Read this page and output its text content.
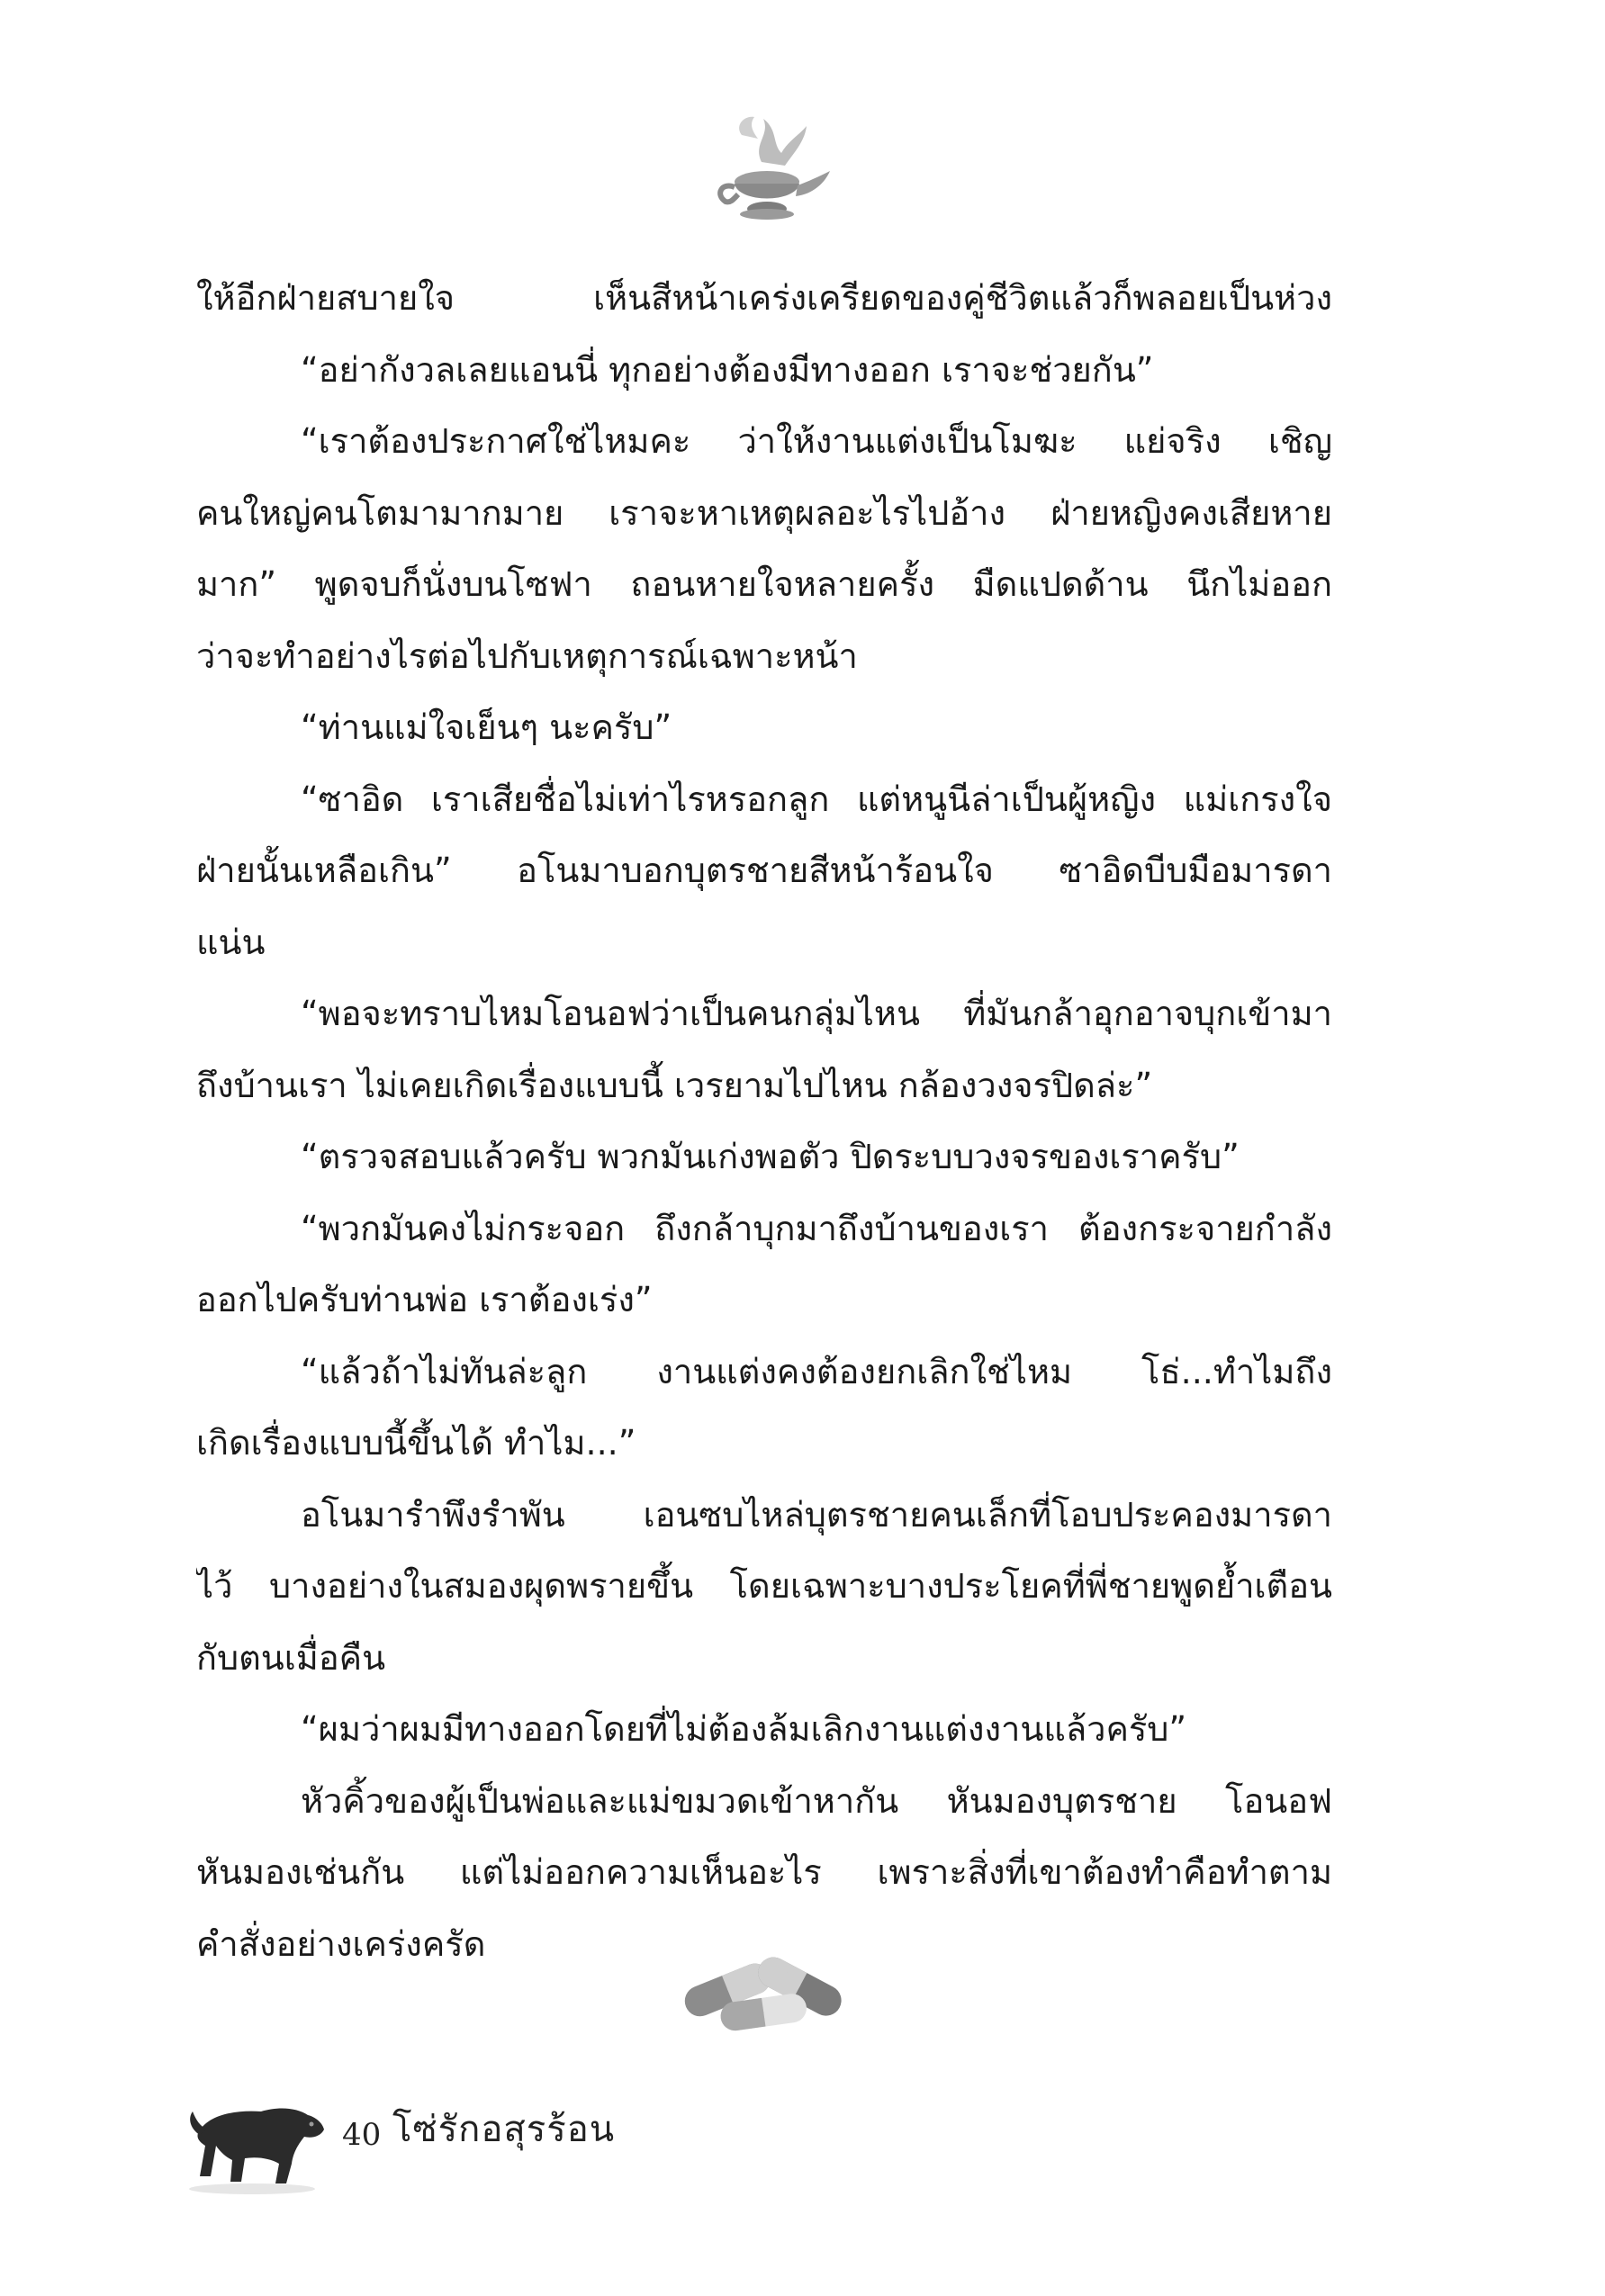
ให้อีกฝ่ายสบายใจ เห็นสีหน้าเคร่งเครียดของคู่ชีวิตแล้วก็พลอยเป็นห่วง
“อย่ากังวลเลยแอนนี่ ทุกอย่างต้องมีทางออก เราจะช่วยกัน”
“เราต้องประกาศใช่ไหมคะ ว่าให้งานแต่งเป็นโมฆะ แย่จริง เชิญ
คนใหญ่คนโตมามากมาย เราจะหาเหตุผลอะไรไปอ้าง ฝ่ายหญิงคงเสียหาย
มาก” พูดจบก็นั่งบนโซฟา ถอนหายใจหลายครั้ง มืดแปดด้าน นึกไม่ออก
ว่าจะทำอย่างไรต่อไปกับเหตุการณ์เฉพาะหน้า
“ท่านแม่ใจเย็นๆ นะครับ”
“ซาอิด เราเสียชื่อไม่เท่าไรหรอกลูก แต่หนูนีล่าเป็นผู้หญิง แม่เกรงใจ
ฝ่ายนั้นเหลือเกิน” อโนมาบอกบุตรชายสีหน้าร้อนใจ ซาอิดบีบมือมารดา
แน่น
“พอจะทราบไหมโอนอฟว่าเป็นคนกลุ่มไหน ที่มันกล้าอุกอาจบุกเข้ามา
ถึงบ้านเรา ไม่เคยเกิดเรื่องแบบนี้ เวรยามไปไหน กล้องวงจรปิดล่ะ”
“ตรวจสอบแล้วครับ พวกมันเก่งพอตัว ปิดระบบวงจรของเราครับ”
“พวกมันคงไม่กระจอก ถึงกล้าบุกมาถึงบ้านของเรา ต้องกระจายกำลัง
ออกไปครับท่านพ่อ เราต้องเร่ง”
“แล้วถ้าไม่ทันล่ะลูก งานแต่งคงต้องยกเลิกใช่ไหม โธ่...ทำไมถึง
เกิดเรื่องแบบนี้ขึ้นได้ ทำไม...”
อโนมารำพึงรำพัน เอนซบไหล่บุตรชายคนเล็กที่โอบประคองมารดา
ไว้ บางอย่างในสมองผุดพรายขึ้น โดยเฉพาะบางประโยคที่พี่ชายพูดย้ำเตือน
กับตนเมื่อคืน
“ผมว่าผมมีทางออกโดยที่ไม่ต้องล้มเลิกงานแต่งงานแล้วครับ”
หัวคิ้วของผู้เป็นพ่อและแม่ขมวดเข้าหากัน หันมองบุตรชาย โอนอฟ
หันมองเช่นกัน แต่ไม่ออกความเห็นอะไร เพราะสิ่งที่เขาต้องทำคือทำตาม
คำสั่งอย่างเคร่งครัด
40 โซ่รักอสุรร้อน
